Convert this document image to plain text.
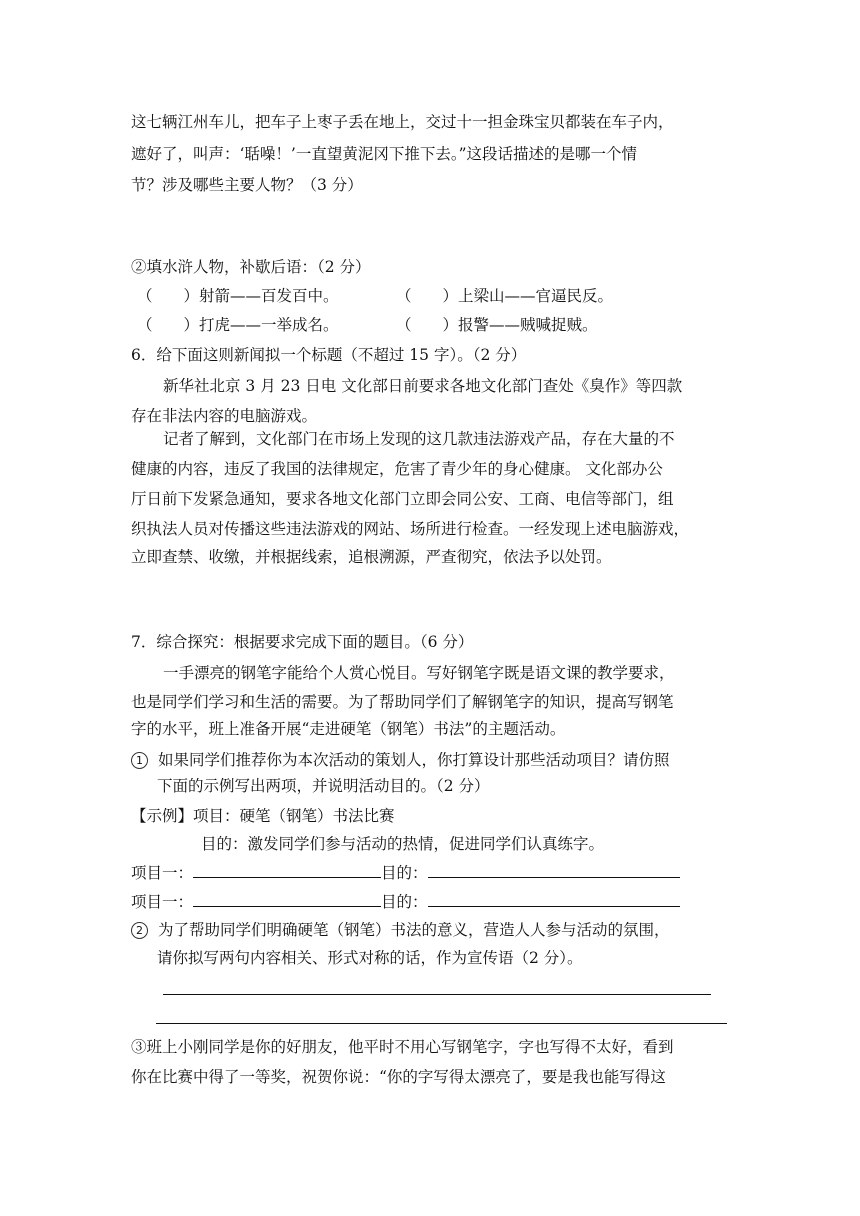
这七辆江州车儿，把车子上枣子丢在地上，交过十一担金珠宝贝都装在车子内，
遮好了，叫声：‘聒噪！’一直望黄泥冈下推下去。”这段话描述的是哪一个情
节？涉及哪些主要人物？（3 分）
②填水浒人物，补歇后语：（2 分）
（　　）射箭——百发百中。	（　　）上梁山——官逼民反。
（　　）打虎——一举成名。	（　　）报警——贼喊捉贼。
6．给下面这则新闻拟一个标题（不超过 15 字）。（2 分）
新华社北京 3 月 23 日电 文化部日前要求各地文化部门查处《臭作》等四款
存在非法内容的电脑游戏。
记者了解到，文化部门在市场上发现的这几款违法游戏产品，存在大量的不
健康的内容，违反了我国的法律规定，危害了青少年的身心健康。 文化部办公
厅日前下发紧急通知，要求各地文化部门立即会同公安、工商、电信等部门，组
织执法人员对传播这些违法游戏的网站、场所进行检查。一经发现上述电脑游戏，
立即查禁、收缴，并根据线索，追根溯源，严查彻究，依法予以处罚。
7．综合探究：根据要求完成下面的题目。（6 分）
一手漂亮的钢笔字能给个人赏心悦目。写好钢笔字既是语文课的教学要求，
也是同学们学习和生活的需要。为了帮助同学们了解钢笔字的知识，提高写钢笔
字的水平，班上准备开展“走进硬笔（钢笔）书法”的主题活动。
1 如果同学们推荐你为本次活动的策划人，你打算设计那些活动项目？请仿照
下面的示例写出两项，并说明活动目的。（2 分）
【示例】项目：硬笔（钢笔）书法比赛
目的：激发同学们参与活动的热情，促进同学们认真练字。
项目一：	目的：
项目一：	目的：
2 为了帮助同学们明确硬笔（钢笔）书法的意义，营造人人参与活动的氛围，
请你拟写两句内容相关、形式对称的话，作为宣传语（2 分）。
③班上小刚同学是你的好朋友，他平时不用心写钢笔字，字也写得不太好，看到
你在比赛中得了一等奖，祝贺你说：“你的字写得太漂亮了，要是我也能写得这
